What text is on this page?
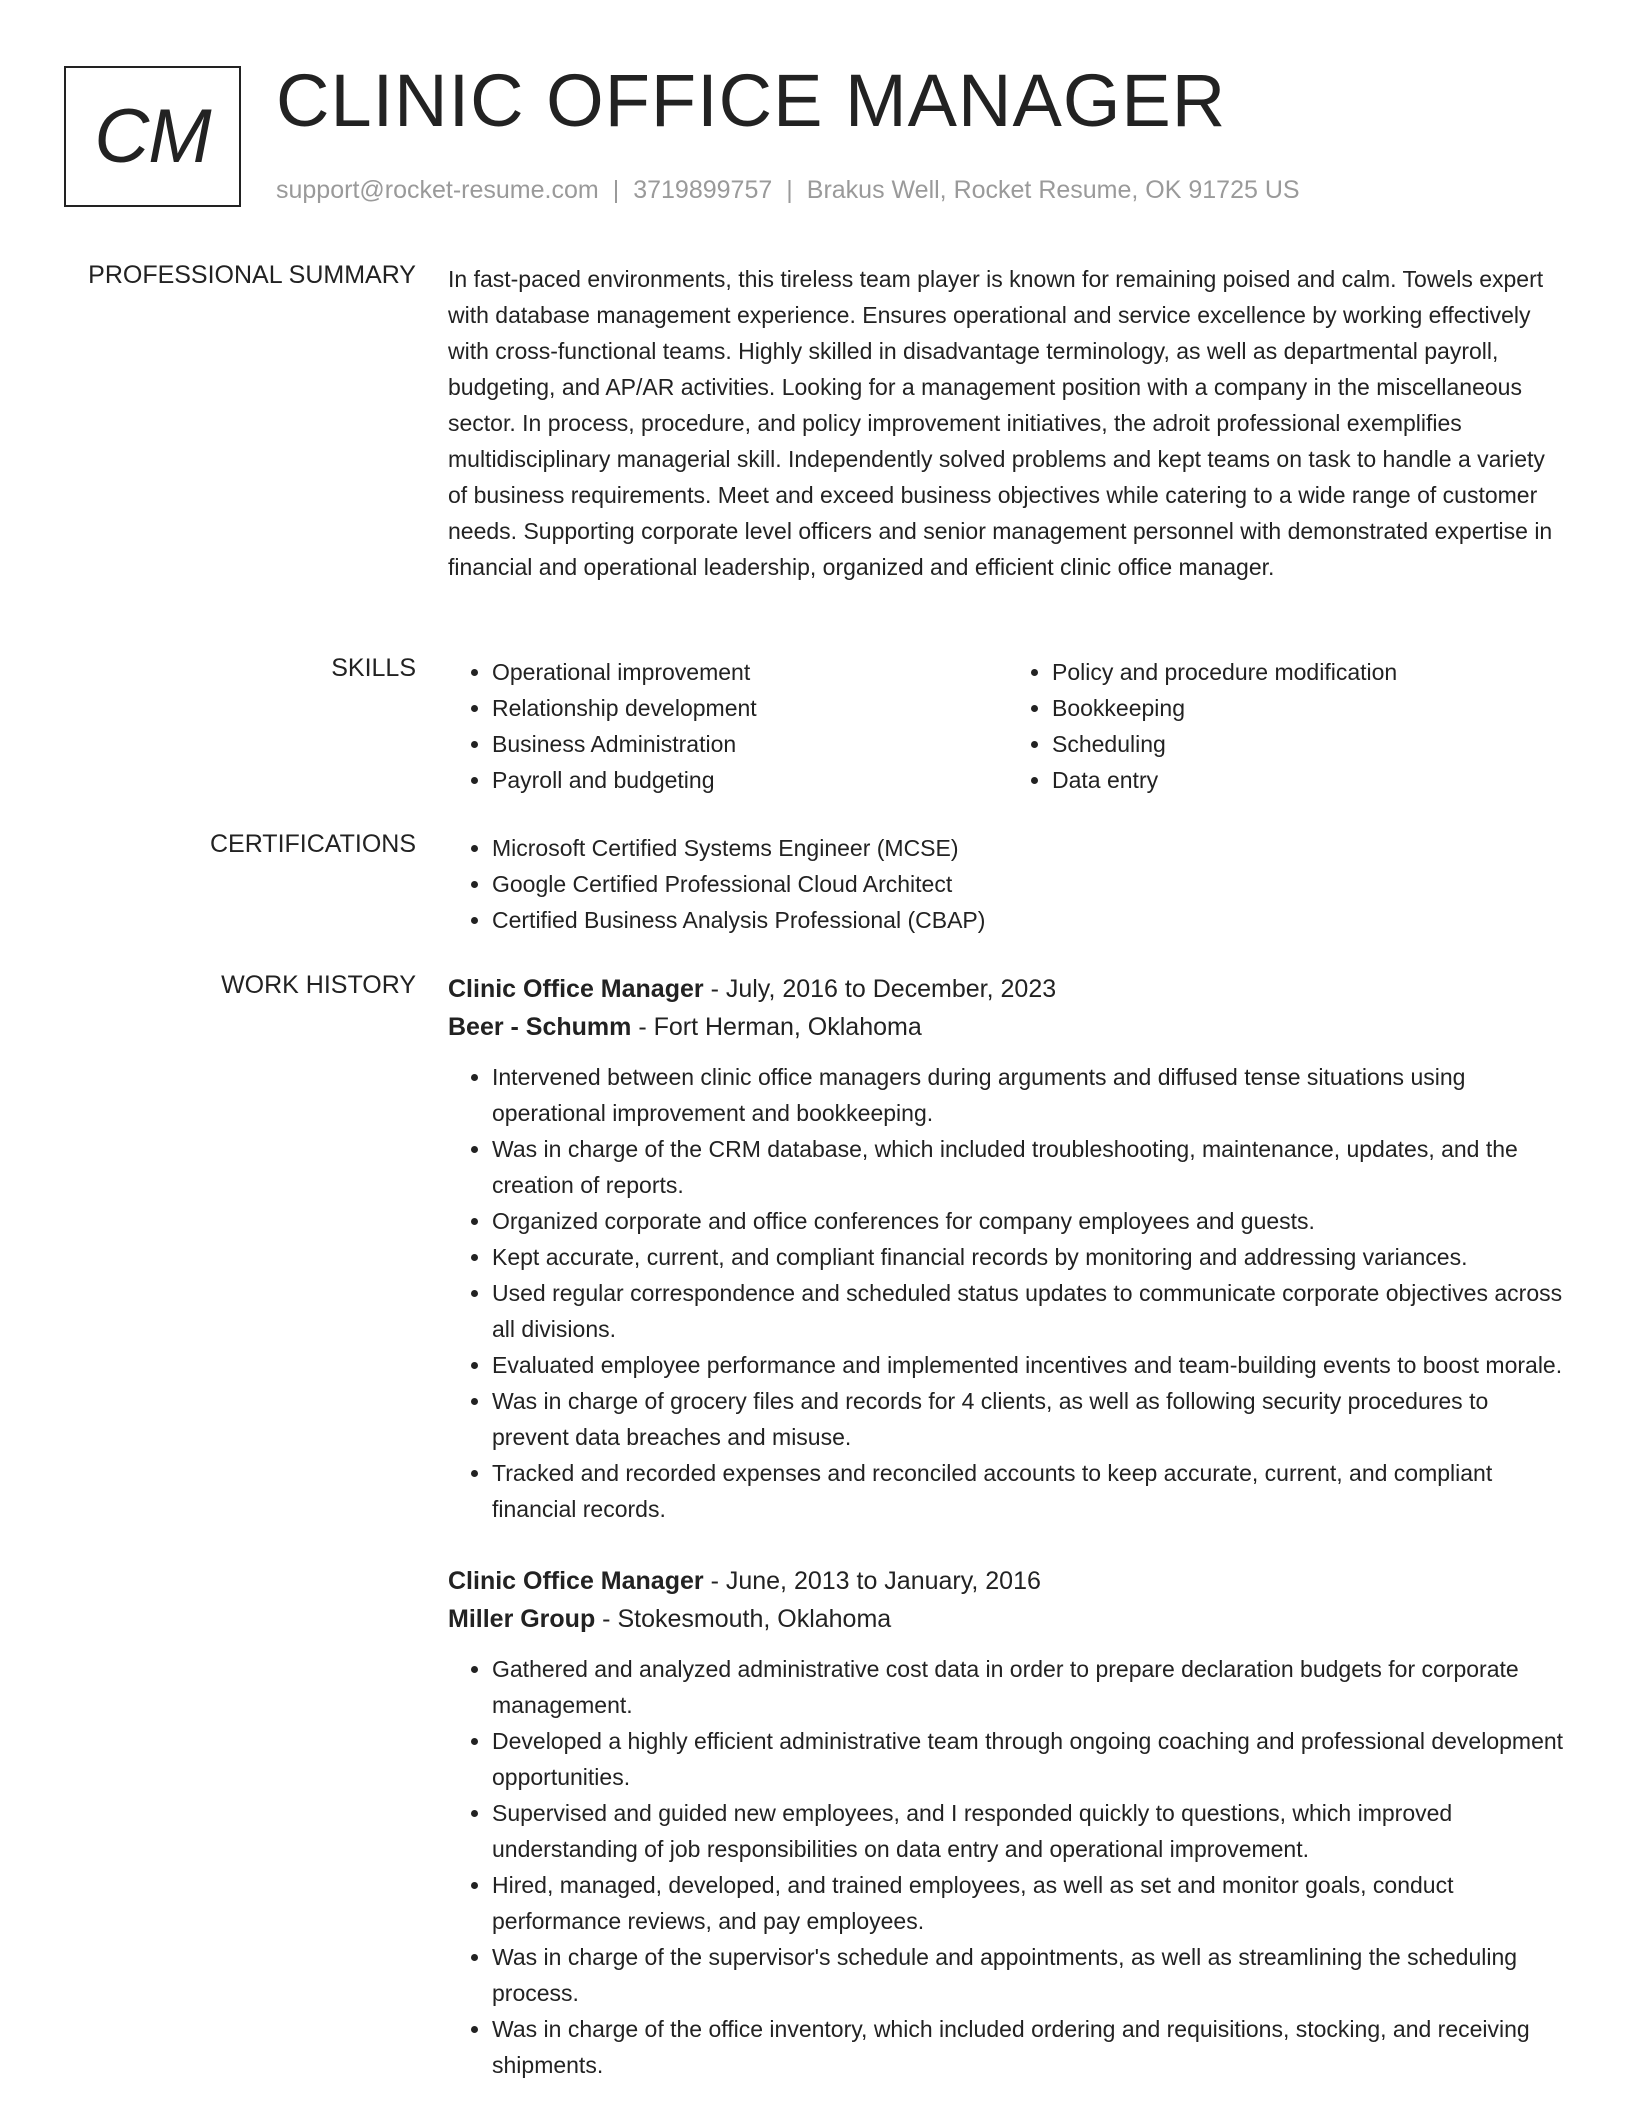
CM CLINIC OFFICE MANAGER
support@rocket-resume.com | 3719899757 | Brakus Well, Rocket Resume, OK 91725 US
PROFESSIONAL SUMMARY In fast-paced environments, this tireless team player is known for remaining poised and calm. Towels expert with database management experience. Ensures operational and service excellence by working effectively with cross-functional teams. Highly skilled in disadvantage terminology, as well as departmental payroll, budgeting, and AP/AR activities. Looking for a management position with a company in the miscellaneous sector. In process, procedure, and policy improvement initiatives, the adroit professional exemplifies multidisciplinary managerial skill. Independently solved problems and kept teams on task to handle a variety of business requirements. Meet and exceed business objectives while catering to a wide range of customer needs. Supporting corporate level officers and senior management personnel with demonstrated expertise in financial and operational leadership, organized and efficient clinic office manager.

SKILLS	• Operational improvement
• Relationship development
• Business Administration
• Payroll and budgeting
• Policy and procedure modification
• Bookkeeping
• Scheduling
• Data entry
CERTIFICATIONS	• Microsoft Certified Systems Engineer (MCSE)
• Google Certified Professional Cloud Architect
• Certified Business Analysis Professional (CBAP)
WORK HISTORY Clinic Office Manager - July, 2016 to December, 2023
Beer - Schumm - Fort Herman, Oklahoma
• Intervened between clinic office managers during arguments and diffused tense situations using operational improvement and bookkeeping.
• Was in charge of the CRM database, which included troubleshooting, maintenance, updates, and the creation of reports.
• Organized corporate and office conferences for company employees and guests.
• Kept accurate, current, and compliant financial records by monitoring and addressing variances.
• Used regular correspondence and scheduled status updates to communicate corporate objectives across all divisions.
• Evaluated employee performance and implemented incentives and team-building events to boost morale.
• Was in charge of grocery files and records for 4 clients, as well as following security procedures to prevent data breaches and misuse.
• Tracked and recorded expenses and reconciled accounts to keep accurate, current, and compliant financial records.
Clinic Office Manager - June, 2013 to January, 2016
Miller Group - Stokesmouth, Oklahoma
• Gathered and analyzed administrative cost data in order to prepare declaration budgets for corporate management.
• Developed a highly efficient administrative team through ongoing coaching and professional development opportunities.
• Supervised and guided new employees, and I responded quickly to questions, which improved understanding of job responsibilities on data entry and operational improvement.
• Hired, managed, developed, and trained employees, as well as set and monitor goals, conduct performance reviews, and pay employees.
• Was in charge of the supervisor's schedule and appointments, as well as streamlining the scheduling process.
• Was in charge of the office inventory, which included ordering and requisitions, stocking, and receiving shipments.
